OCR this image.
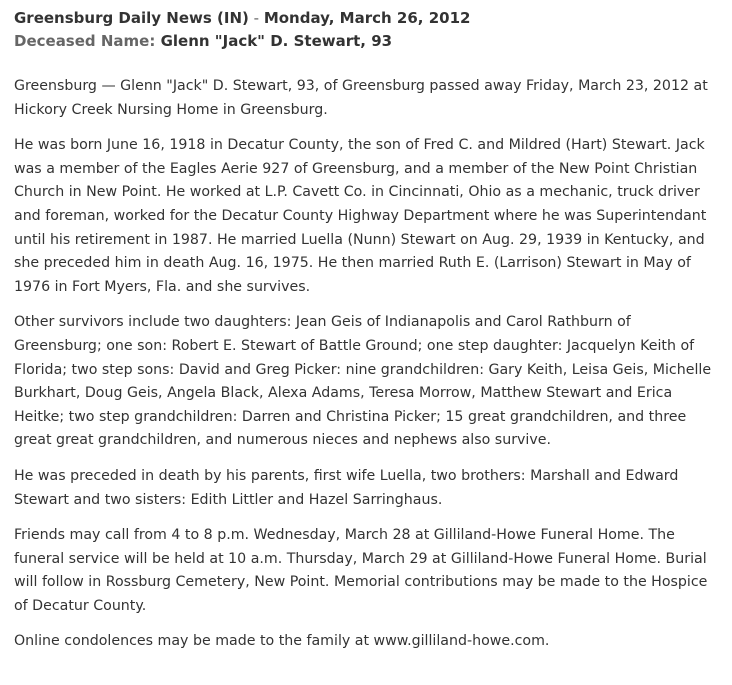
Greensburg Daily News (IN) - Monday, March 26, 2012
Deceased Name: Glenn "Jack" D. Stewart, 93

Greensburg — Glenn "Jack" D. Stewart, 93, of Greensburg passed away Friday, March 23, 2012 at Hickory Creek Nursing Home in Greensburg.

He was born June 16, 1918 in Decatur County, the son of Fred C. and Mildred (Hart) Stewart. Jack was a member of the Eagles Aerie 927 of Greensburg, and a member of the New Point Christian Church in New Point. He worked at L.P. Cavett Co. in Cincinnati, Ohio as a mechanic, truck driver and foreman, worked for the Decatur County Highway Department where he was Superintendant until his retirement in 1987. He married Luella (Nunn) Stewart on Aug. 29, 1939 in Kentucky, and she preceded him in death Aug. 16, 1975. He then married Ruth E. (Larrison) Stewart in May of 1976 in Fort Myers, Fla. and she survives.

Other survivors include two daughters: Jean Geis of Indianapolis and Carol Rathburn of Greensburg; one son: Robert E. Stewart of Battle Ground; one step daughter: Jacquelyn Keith of Florida; two step sons: David and Greg Picker: nine grandchildren: Gary Keith, Leisa Geis, Michelle Burkhart, Doug Geis, Angela Black, Alexa Adams, Teresa Morrow, Matthew Stewart and Erica Heitke; two step grandchildren: Darren and Christina Picker; 15 great grandchildren, and three great great grandchildren, and numerous nieces and nephews also survive.

He was preceded in death by his parents, first wife Luella, two brothers: Marshall and Edward Stewart and two sisters: Edith Littler and Hazel Sarringhaus.

Friends may call from 4 to 8 p.m. Wednesday, March 28 at Gilliland-Howe Funeral Home. The funeral service will be held at 10 a.m. Thursday, March 29 at Gilliland-Howe Funeral Home. Burial will follow in Rossburg Cemetery, New Point. Memorial contributions may be made to the Hospice of Decatur County.

Online condolences may be made to the family at www.gilliland-howe.com.
